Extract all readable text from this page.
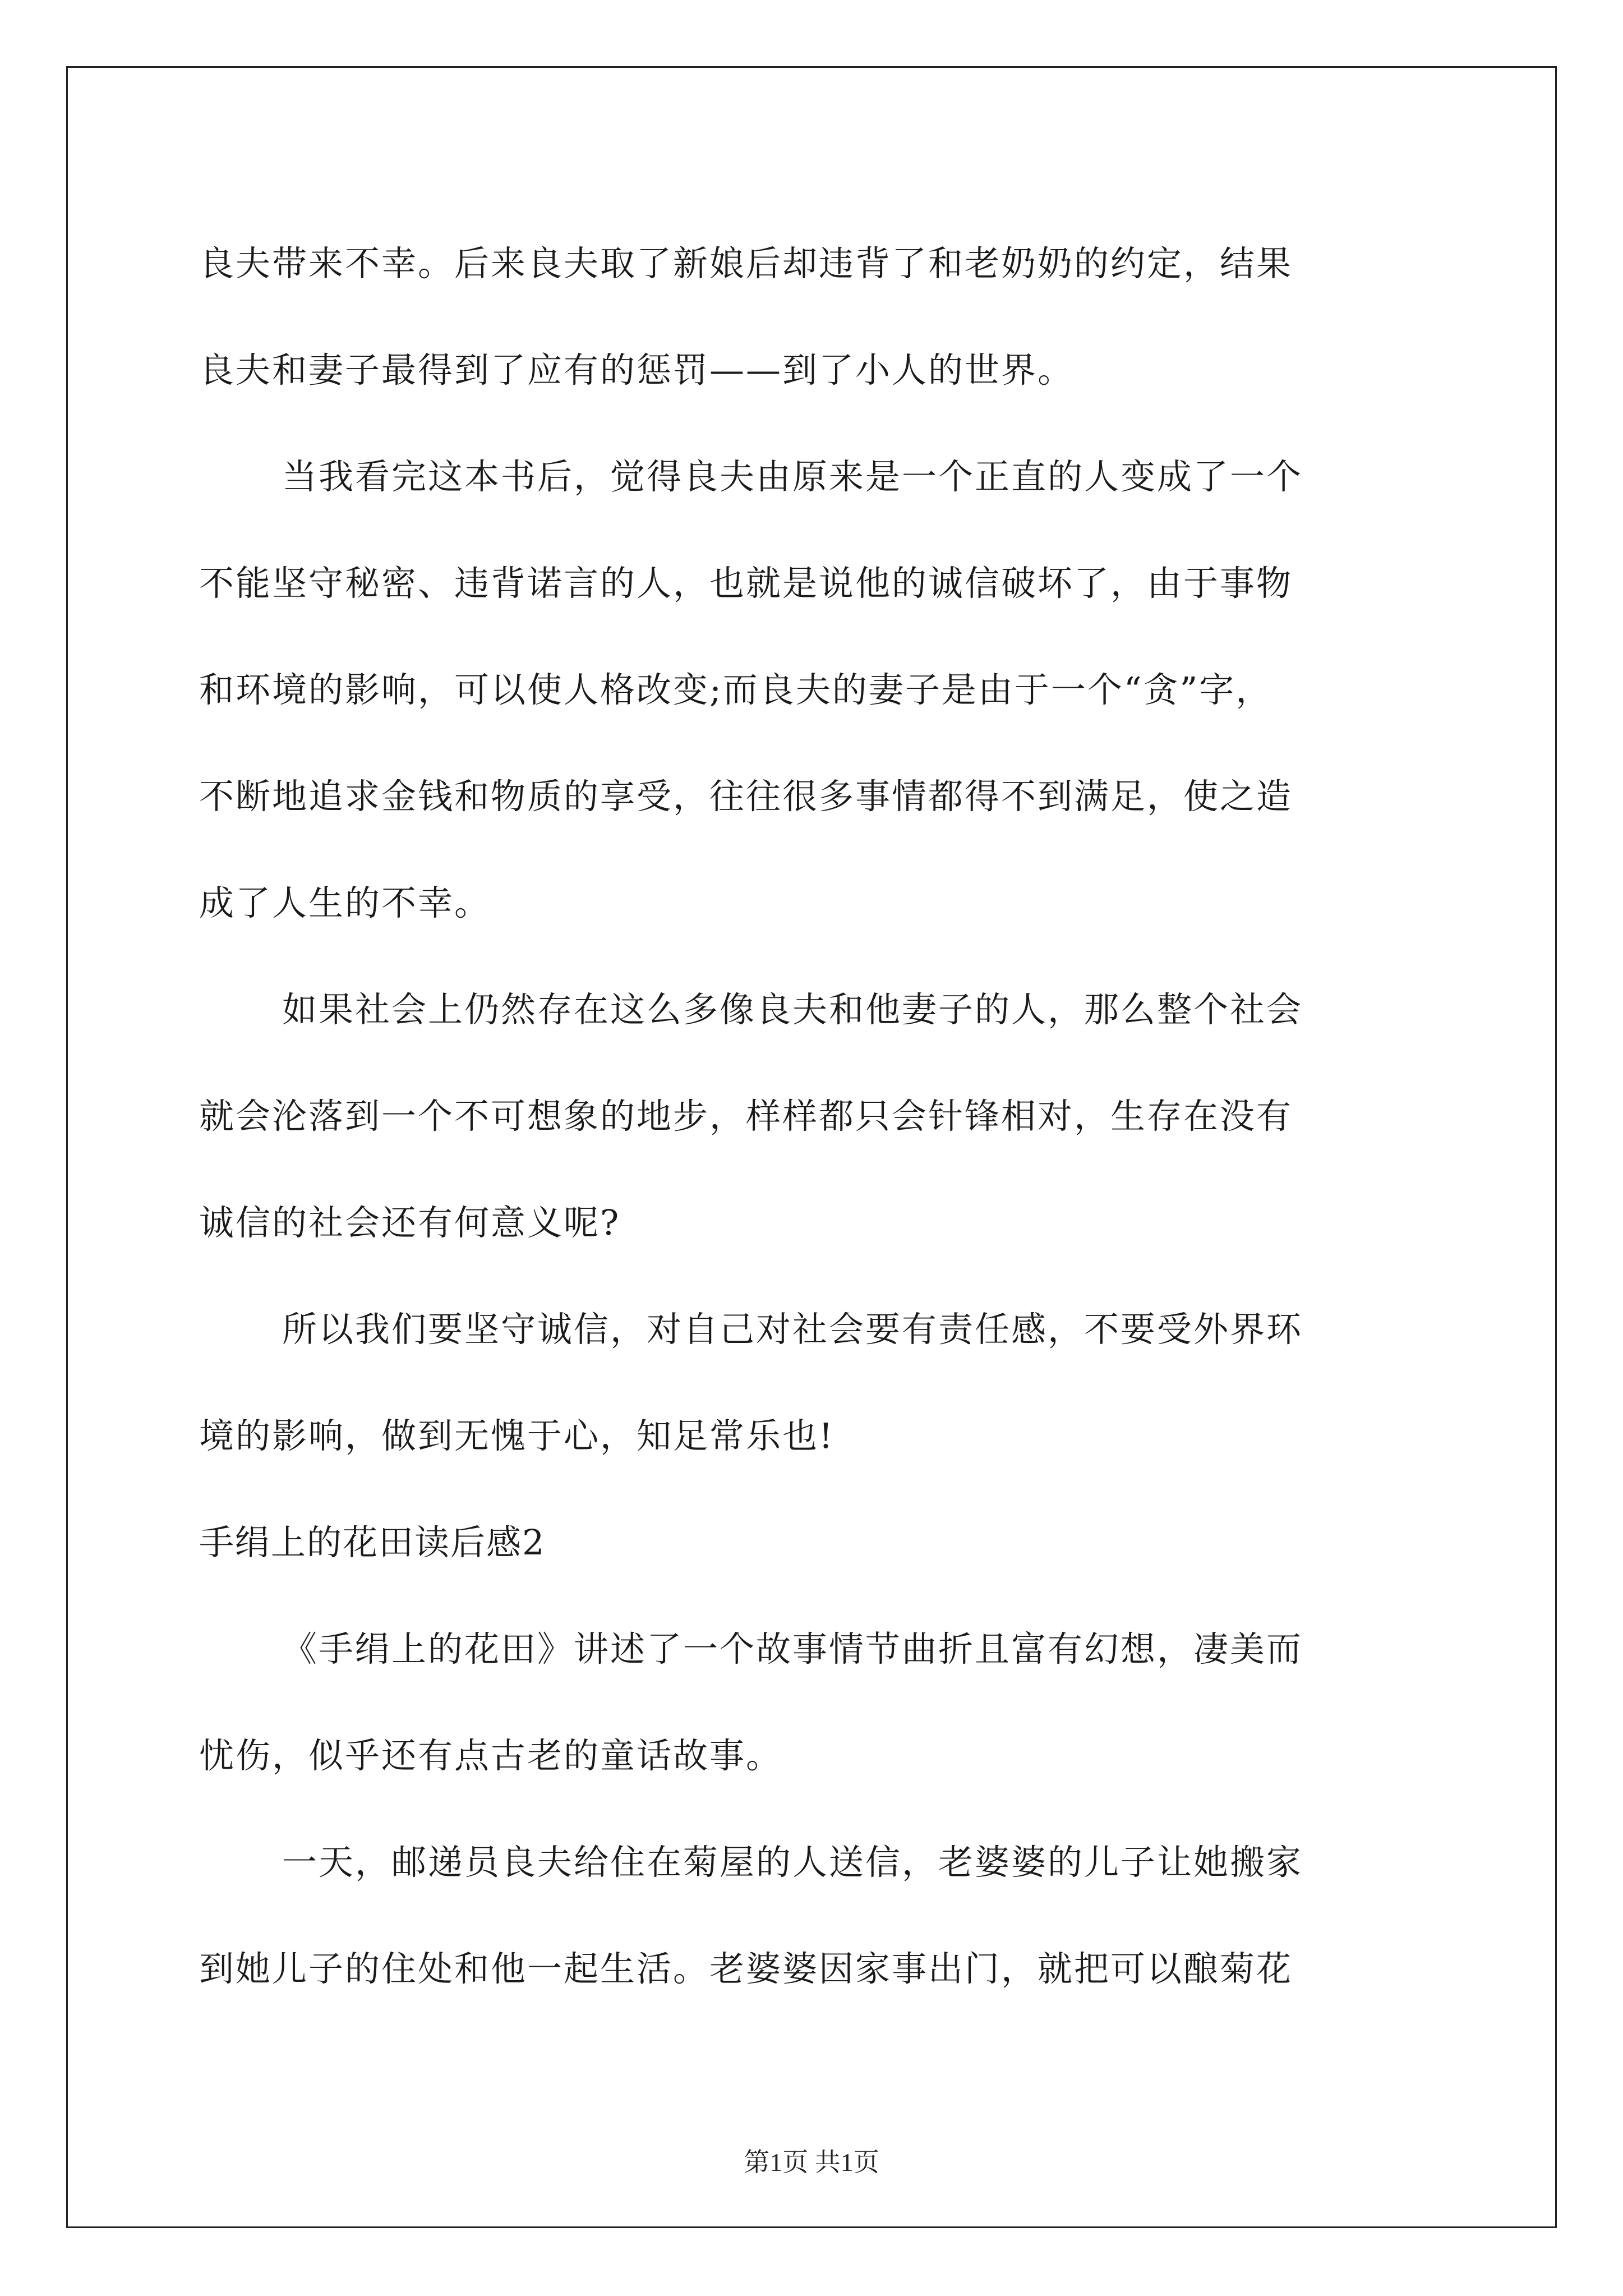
良夫带来不幸。后来良夫取了新娘后却违背了和老奶奶的约定，结果
良夫和妻子最得到了应有的惩罚——到了小人的世界。
当我看完这本书后，觉得良夫由原来是一个正直的人变成了一个
不能坚守秘密、违背诺言的人，也就是说他的诚信破坏了，由于事物
和环境的影响，可以使人格改变;而良夫的妻子是由于一个“贪”字，
不断地追求金钱和物质的享受，往往很多事情都得不到满足，使之造
成了人生的不幸。
如果社会上仍然存在这么多像良夫和他妻子的人，那么整个社会
就会沦落到一个不可想象的地步，样样都只会针锋相对，生存在没有
诚信的社会还有何意义呢?
所以我们要坚守诚信，对自己对社会要有责任感，不要受外界环
境的影响，做到无愧于心，知足常乐也!
手绢上的花田读后感2
《手绢上的花田》讲述了一个故事情节曲折且富有幻想，凄美而
忧伤，似乎还有点古老的童话故事。
一天，邮递员良夫给住在菊屋的人送信，老婆婆的儿子让她搬家
到她儿子的住处和他一起生活。老婆婆因家事出门，就把可以酿菊花
第1页 共1页
